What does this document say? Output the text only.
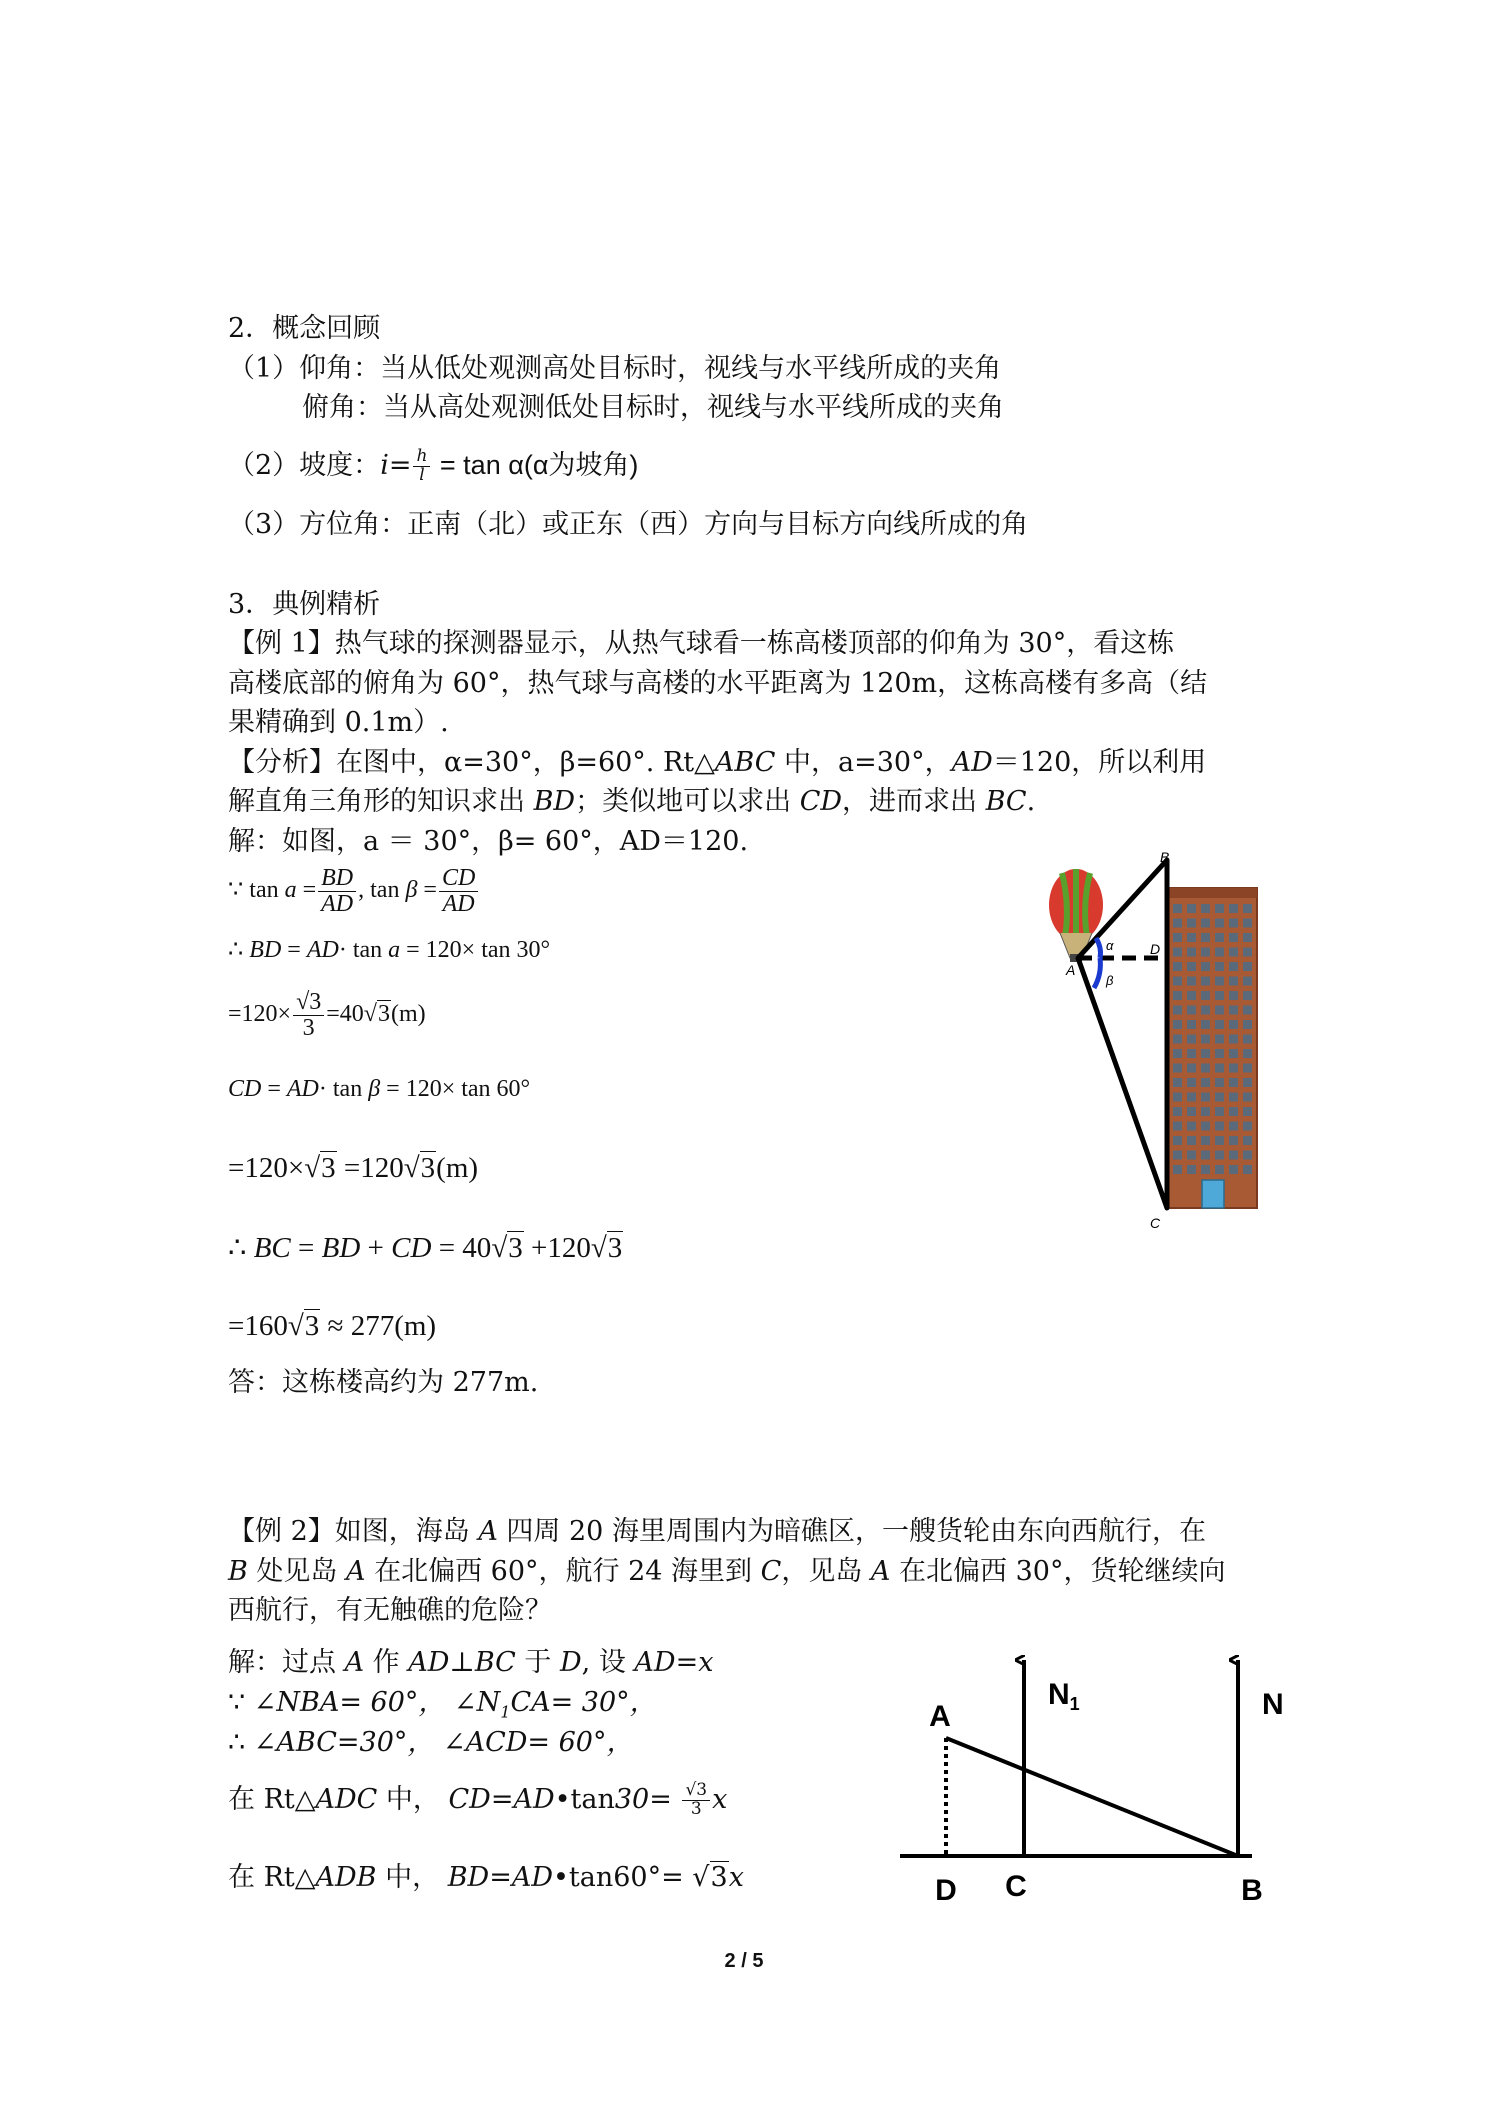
2．概念回顾
（1）仰角：当从低处观测高处目标时，视线与水平线所成的夹角
俯角：当从高处观测低处目标时，视线与水平线所成的夹角
（2）坡度：$i= \frac{h}{l} = \tan \alpha(\alpha$为坡角)
（3）方位角：正南（北）或正东（西）方向与目标方向线所成的角
3．典例精析
【例 1】热气球的探测器显示，从热气球看一栋高楼顶部的仰角为 30°，看这栋
高楼底部的俯角为 60°，热气球与高楼的水平距离为 120m，这栋高楼有多高（结
果精确到 0.1m）.
【分析】在图中，α=30°，β=60°. Rt△ABC 中，a=30°，AD＝120，所以利用
解直角三角形的知识求出 BD；类似地可以求出 CD，进而求出 BC.
解：如图，a ＝ 30°，β= 60°，AD＝120.
∵ $\tan a = \frac{BD}{AD}$ , $\tan \beta = \frac{CD}{AD}$
∴ BD = AD· tan a = 120× tan 30°
$=120\times \frac{√3}{3} =40√3(m)$
CD = AD· tan β = 120× tan 60°
=120×√3 =120√3(m)
∴ BC = BD + CD = 40√3 +120√3
=160√3 ≈ 277(m)
答：这栋楼高约为 277m.
B
D
A
C
α
β
【例 2】如图，海岛 A 四周 20 海里周围内为暗礁区，一艘货轮由东向西航行，在
B 处见岛 A 在北偏西 60°，航行 24 海里到 C，见岛 A 在北偏西 30°，货轮继续向
西航行，有无触礁的危险？
解：过点 A 作 AD⊥BC 于 D, 设 AD=x
∵ ∠NBA= 60°， $\angle N_1CA= 30^\circ$，
∴ ∠ABC=30°， ∠ACD= 60°，
在 Rt△ADC 中， CD=AD•tan30= $\frac{√3}{3}$ x
在 Rt△ADB 中， BD=AD•tan60°= √3x
A
$N_1$	N
D C	B
2 / 5
